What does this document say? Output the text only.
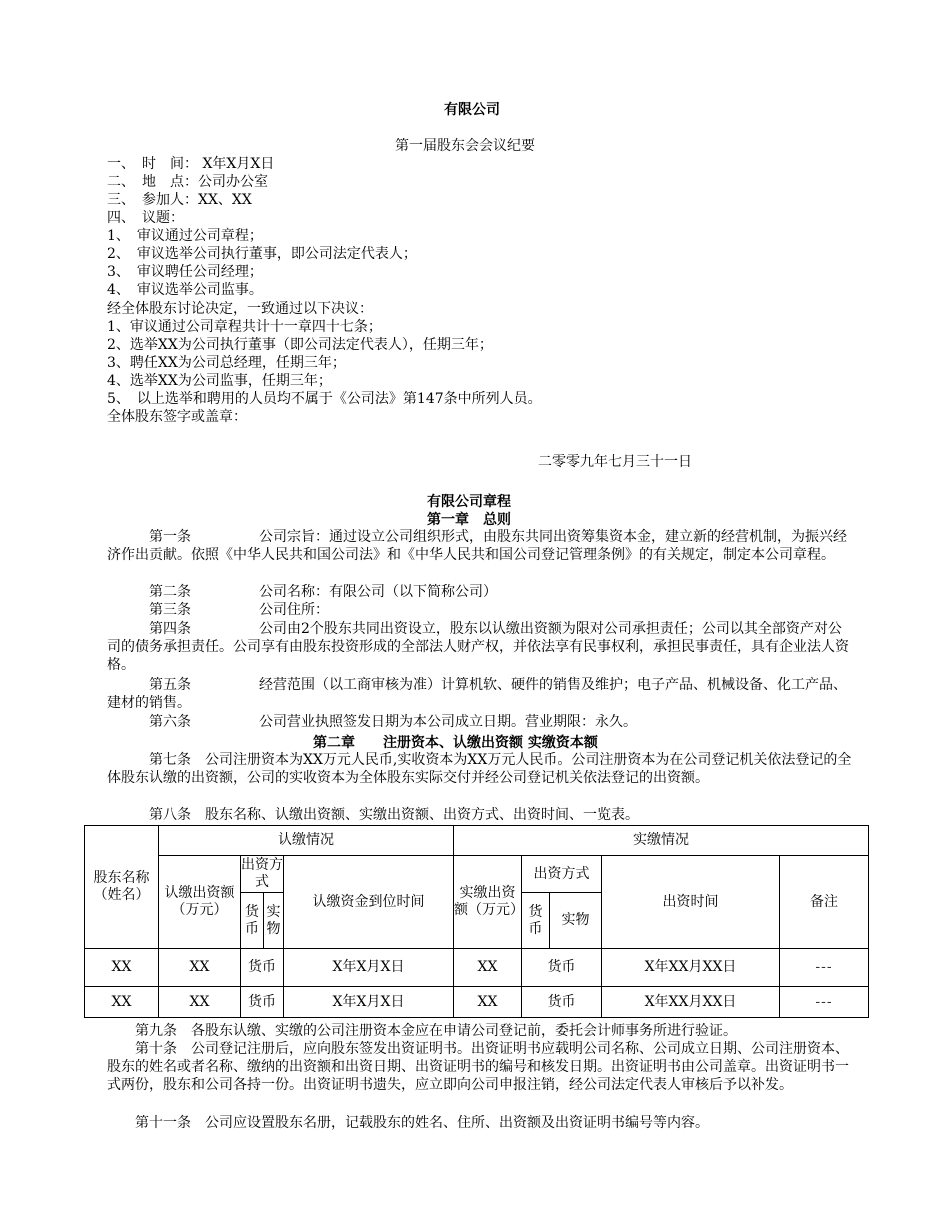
有限公司
第一届股东会会议纪要
一、　时　间： X年X月X日
二、　地　点：公司办公室
三、　参加人：XX、XX
四、　议题：
1、　审议通过公司章程；
2、　审议选举公司执行董事，即公司法定代表人；
3、　审议聘任公司经理；
4、　审议选举公司监事。
经全体股东讨论决定，一致通过以下决议：
1、审议通过公司章程共计十一章四十七条；
2、选举XX为公司执行董事（即公司法定代表人），任期三年；
3、聘任XX为公司总经理，任期三年；
4、选举XX为公司监事，任期三年；
5、　以上选举和聘用的人员均不属于《公司法》第147条中所列人员。
全体股东签字或盖章：
二零零九年七月三十一日
有限公司章程
第一章　总则
第一条	公司宗旨：通过设立公司组织形式，由股东共同出资筹集资本金，建立新的经营机制，为振兴经济作出贡献。依照《中华人民共和国公司法》和《中华人民共和国公司登记管理条例》的有关规定，制定本公司章程。
第二条	公司名称：有限公司（以下简称公司）
第三条	公司住所：
第四条	公司由2个股东共同出资设立，股东以认缴出资额为限对公司承担责任；公司以其全部资产对公司的债务承担责任。公司享有由股东投资形成的全部法人财产权，并依法享有民事权利，承担民事责任，具有企业法人资格。
第五条	经营范围（以工商审核为准）计算机软、硬件的销售及维护；电子产品、机械设备、化工产品、建材的销售。
第六条	公司营业执照签发日期为本公司成立日期。营业期限：永久。
第二章　　注册资本、认缴出资额 实缴资本额
第七条　公司注册资本为XX万元人民币,实收资本为XX万元人民币。公司注册资本为在公司登记机关依法登记的全体股东认缴的出资额，公司的实收资本为全体股东实际交付并经公司登记机关依法登记的出资额。
第八条　股东名称、认缴出资额、实缴出资额、出资方式、出资时间、一览表。
股东名称（姓名）	认缴情况				实缴情况				
	认缴出资额（万元）	出资方式		认缴资金到位时间	实缴出资额（万元）	出资方式		出资时间	备注
		货币	实物			货币	实物		
XX	XX	货币		X年X月X日	XX	货币		X年XX月XX日	---
XX	XX	货币		X年X月X日	XX	货币		X年XX月XX日	---
第九条　各股东认缴、实缴的公司注册资本金应在申请公司登记前，委托会计师事务所进行验证。
第十条　公司登记注册后，应向股东签发出资证明书。出资证明书应载明公司名称、公司成立日期、公司注册资本、股东的姓名或者名称、缴纳的出资额和出资日期、出资证明书的编号和核发日期。出资证明书由公司盖章。出资证明书一式两份，股东和公司各持一份。出资证明书遗失，应立即向公司申报注销，经公司法定代表人审核后予以补发。
第十一条　公司应设置股东名册，记载股东的姓名、住所、出资额及出资证明书编号等内容。
